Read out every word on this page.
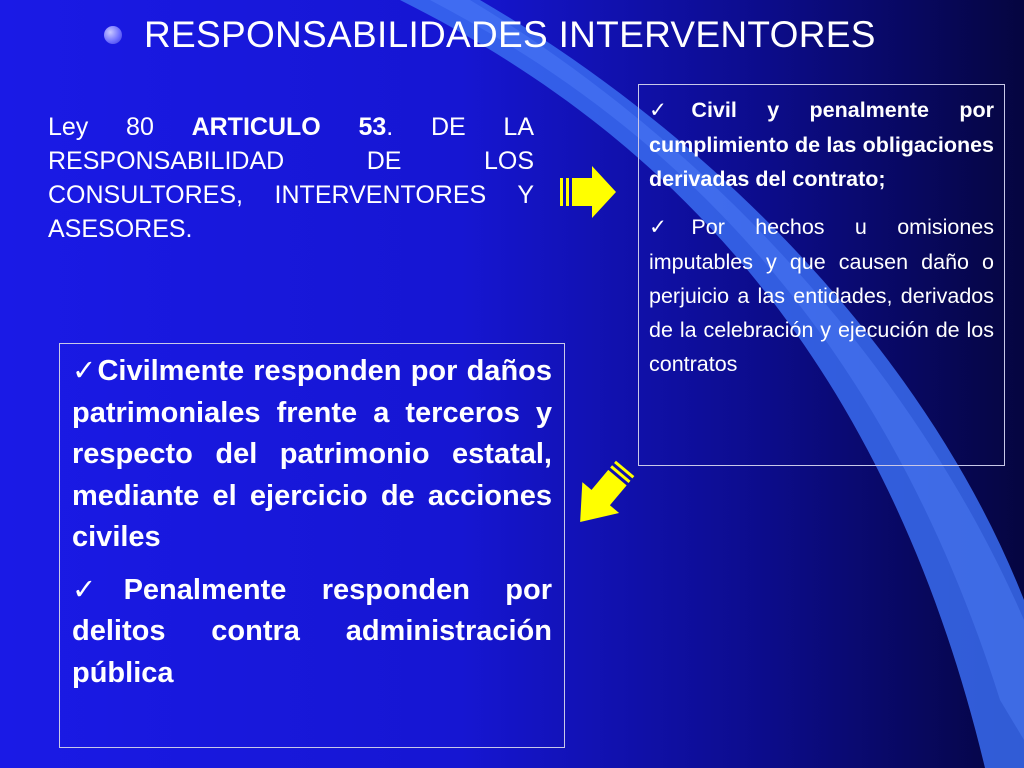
RESPONSABILIDADES INTERVENTORES
Ley 80 ARTICULO 53. DE LA RESPONSABILIDAD DE LOS CONSULTORES, INTERVENTORES Y ASESORES.

✓Civil y penalmente por cumplimiento de las obligaciones derivadas del contrato;

✓Por hechos u omisiones imputables y que causen daño o perjuicio a las entidades, derivados de la celebración y ejecución de los contratos

✓Civilmente responden por daños patrimoniales frente a terceros y respecto del patrimonio estatal, mediante el ejercicio de acciones civiles

✓Penalmente responden por delitos contra administración pública
